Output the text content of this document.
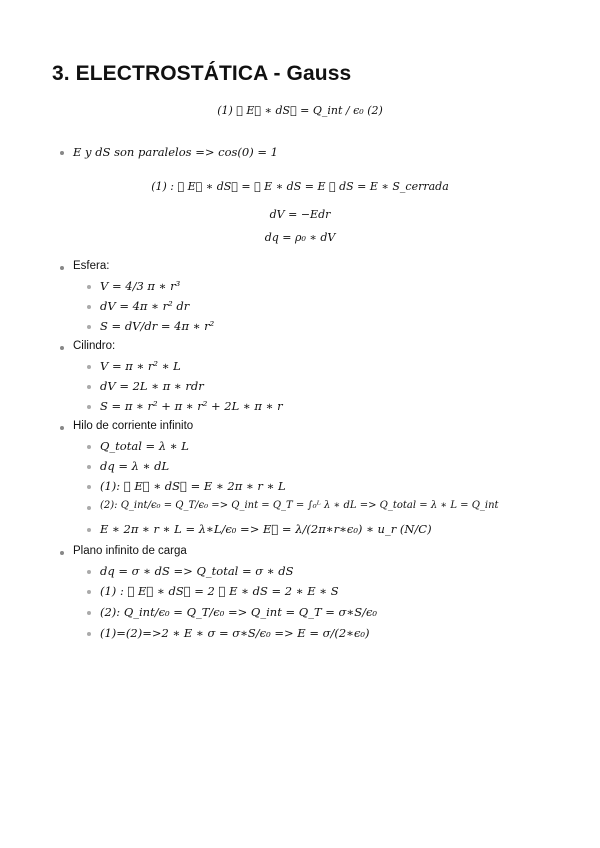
3. ELECTROSTÁTICA - Gauss
(1) ∮ E⃗ ∗ dS⃗ = Q_int / ϵ₀ (2)
E y dS son paralelos => cos(0) = 1
(1) : ∮ E⃗ ∗ dS⃗ = ∮ E ∗ dS = E ∮ dS = E ∗ S_cerrada
dV = −Edr
dq = ρ₀ ∗ dV
Esfera:
V = 4/3 π ∗ r³
dV = 4π ∗ r² dr
S = dV/dr = 4π ∗ r²
Cilindro:
V = π ∗ r² ∗ L
dV = 2L ∗ π ∗ rdr
S = π ∗ r² + π ∗ r² + 2L ∗ π ∗ r
Hilo de corriente infinito
Q_total = λ ∗ L
dq = λ ∗ dL
(1): ∮ E⃗ ∗ dS⃗ = E ∗ 2π ∗ r ∗ L
(2): Q_int/ϵ₀ = Q_T/ϵ₀ => Q_int = Q_T = ∫₀ᴸ λ ∗ dL => Q_total = λ ∗ L = Q_int
E ∗ 2π ∗ r ∗ L = λ∗L/ϵ₀ => E⃗ = λ/(2π∗r∗ϵ₀) ∗ u_r (N/C)
Plano infinito de carga
dq = σ ∗ dS => Q_total = σ ∗ dS
(1) : ∮ E⃗ ∗ dS⃗ = 2 ∮ E ∗ dS = 2 ∗ E ∗ S
(2): Q_int/ϵ₀ = Q_T/ϵ₀ => Q_int = Q_T = σ∗S/ϵ₀
(1)=(2)=>2 ∗ E ∗ σ = σ∗S/ϵ₀ => E = σ/(2∗ϵ₀)
